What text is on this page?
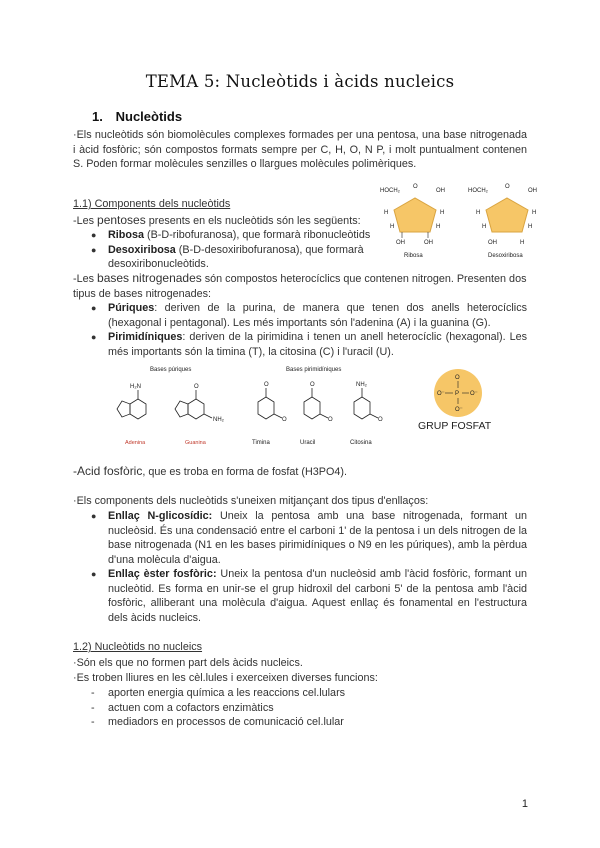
TEMA 5: Nucleòtids i àcids nucleics
1. Nucleòtids
·Els nucleòtids són biomolècules complexes formades per una pentosa, una base nitrogenada i àcid fosfòric; són compostos formats sempre per C, H, O, N P, i molt puntualment contenen S. Poden formar molècules senzilles o llargues molècules polimèriques.
1.1) Components dels nucleòtids
-Les pentoses presents en els nucleòtids són les següents:
● Ribosa (B-D-ribofuranosa), que formarà ribonucleòtids
● Desoxiribosa (B-D-desoxiribofuranosa), que formarà desoxiribonucleòtids.
HOCH₂
O
OH
H	H
H	H
OH	OH
Ribosa
HOCH₂
O
OH
H	H
H	H
OH	H
Desoxiribosa
-Les bases nitrogenades són compostos heterocíclics que contenen nitrogen. Presenten dos tipus de bases nitrogenades:
● Púriques: deriven de la purina, de manera que tenen dos anells heterocíclics (hexagonal i pentagonal). Les més importants són l'adenina (A) i la guanina (G).
● Pirimidíniques: deriven de la pirimidina i tenen un anell heterocíclic (hexagonal). Les més importants són la timina (T), la citosina (C) i l'uracil (U).
Bases púriques	Bases pirimidíniques
H₂N
Adenina
O
NH₂
Guanina
O
O
Timina
O
O
Uracil
NH₂
O
Citosina
P
O
O⁻
O⁻	O⁻
GRUP FOSFAT
-Acid fosfòric, que es troba en forma de fosfat (H3PO4).
·Els components dels nucleòtids s'uneixen mitjançant dos tipus d'enllaços:
● Enllaç N-glicosídic: Uneix la pentosa amb una base nitrogenada, formant un nucleòsid. És una condensació entre el carboni 1' de la pentosa i un dels nitrogen de la base nitrogenada (N1 en les bases pirimidíniques o N9 en les púriques), amb la pèrdua d'una molècula d'aigua.
● Enllaç èster fosfòric: Uneix la pentosa d'un nucleòsid amb l'àcid fosfòric, formant un nucleòtid. Es forma en unir-se el grup hidroxil del carboni 5' de la pentosa amb l'àcid fosfòric, alliberant una molècula d'aigua. Aquest enllaç és fonamental en l'estructura dels àcids nucleics.
1.2) Nucleòtids no nucleics
·Són els que no formen part dels àcids nucleics.
·Es troben lliures en les cèl.lules i exerceixen diverses funcions:
- aporten energia química a les reaccions cel.lulars
- actuen com a cofactors enzimàtics
- mediadors en processos de comunicació cel.lular
1
